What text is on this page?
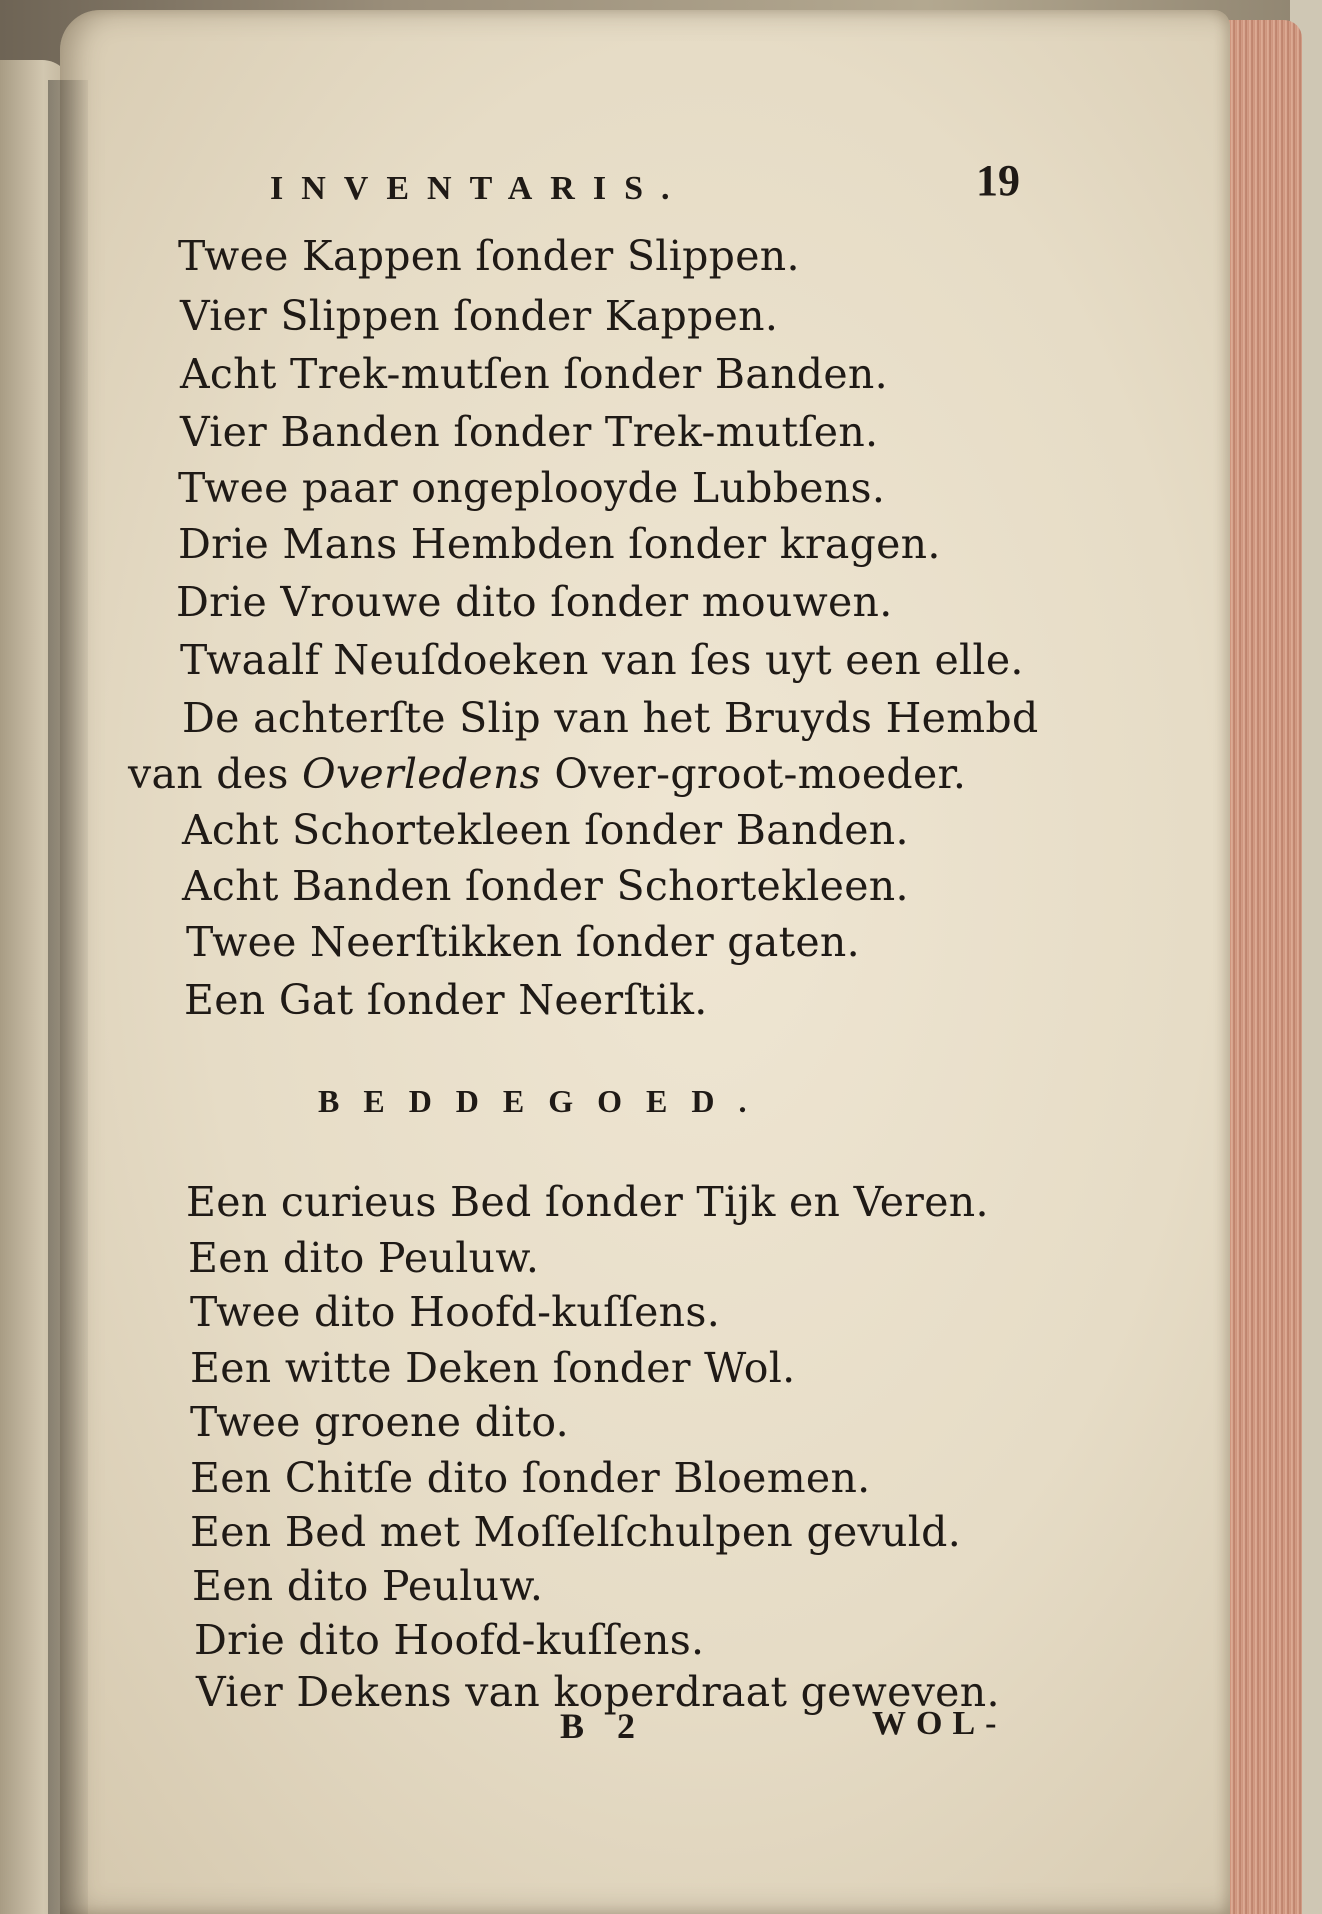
INVENTARIS.	19
Twee Kappen ſonder Slippen.
Vier Slippen ſonder Kappen.
Acht Trek-mutſen ſonder Banden.
Vier Banden ſonder Trek-mutſen.
Twee paar ongeplooyde Lubbens.
Drie Mans Hembden ſonder kragen.
Drie Vrouwe dito ſonder mouwen.
Twaalf Neuſdoeken van ſes uyt een elle.
De achterſte Slip van het Bruyds Hembd
van des Overledens Over-groot-moeder.
Acht Schortekleen ſonder Banden.
Acht Banden ſonder Schortekleen.
Twee Neerſtikken ſonder gaten.
Een Gat ſonder Neerſtik.
BEDDEGOED.
Een curieus Bed ſonder Tijk en Veren.
Een dito Peuluw.
Twee dito Hoofd-kuſſens.
Een witte Deken ſonder Wol.
Twee groene dito.
Een Chitſe dito ſonder Bloemen.
Een Bed met Moſſelſchulpen gevuld.
Een dito Peuluw.
Drie dito Hoofd-kuſſens.
Vier Dekens van koperdraat geweven.
B 2	WOL-
